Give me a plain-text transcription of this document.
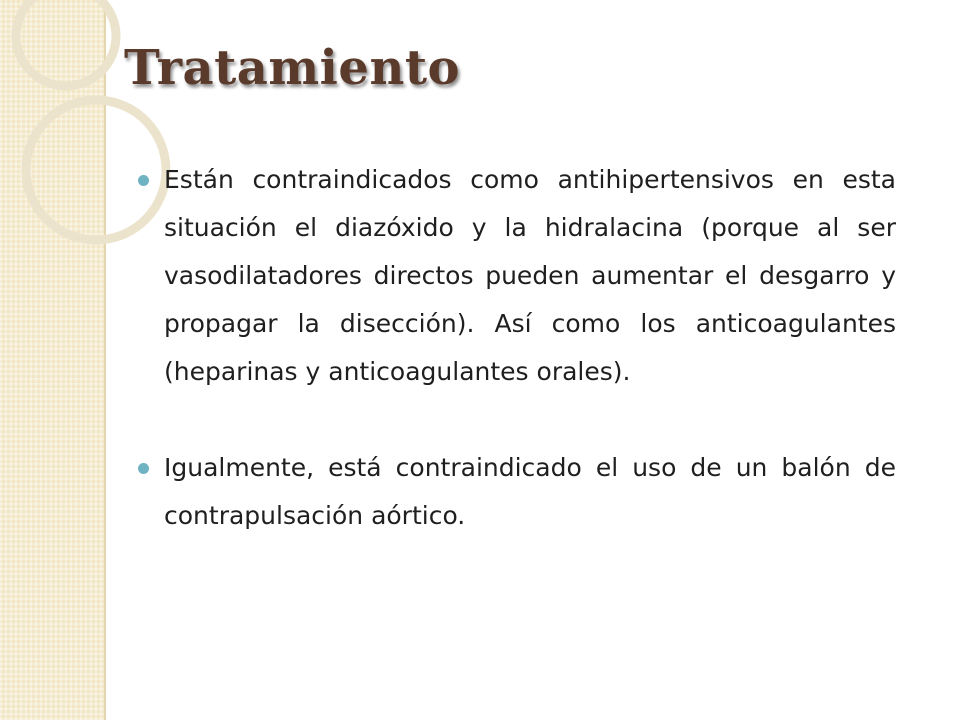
Tratamiento
Están contraindicados como antihipertensivos en esta situación el diazóxido y la hidralacina (porque al ser vasodilatadores directos pueden aumentar el desgarro y propagar la disección). Así como los anticoagulantes (heparinas y anticoagulantes orales).
Igualmente, está contraindicado el uso de un balón de contrapulsación aórtico.
